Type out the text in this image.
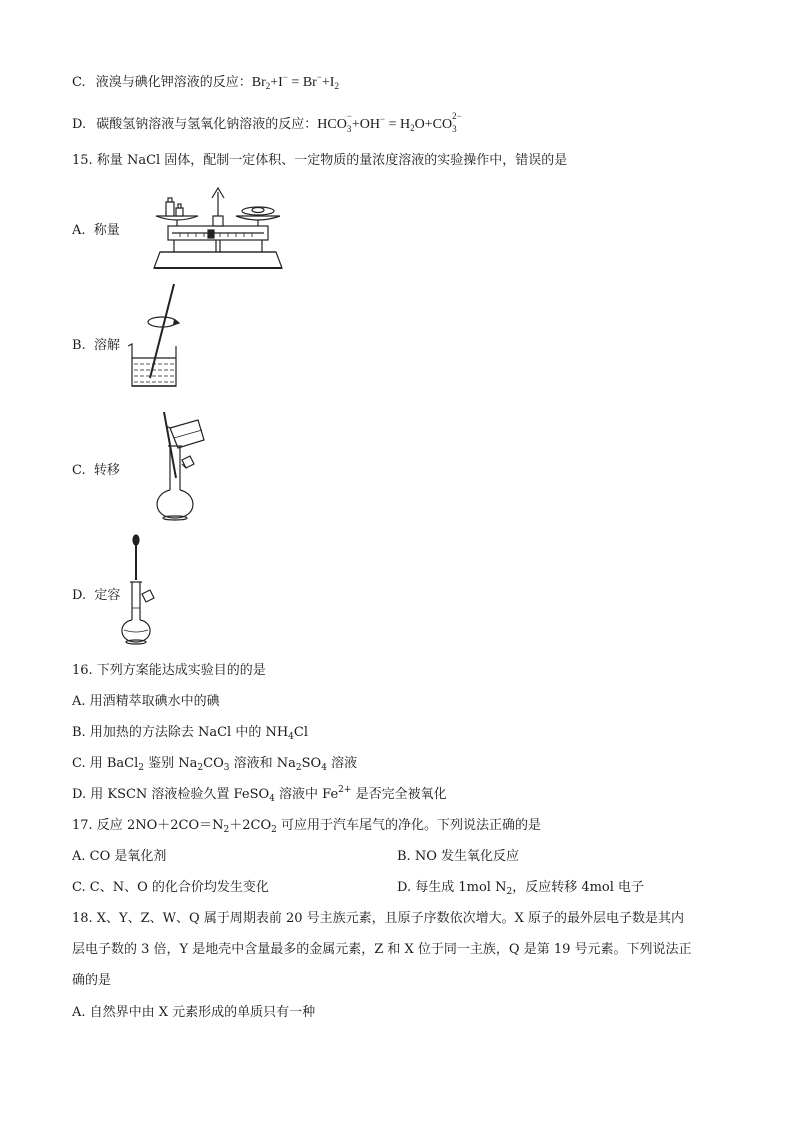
C. 液溴与碘化钾溶液的反应：$Br_2+I^- = Br^-+I_2$
D. 碳酸氢钠溶液与氢氧化钠溶液的反应：HCO
−
$3 +OH^- = H_2O+CO$
2−
3
15. 称量 NaCl 固体，配制一定体积、一定物质的量浓度溶液的实验操作中，错误的是
A. 称量
B. 溶解
C. 转移
D. 定容
16. 下列方案能达成实验目的的是
A. 用酒精萃取碘水中的碘
B. 用加热的方法除去 NaCl 中的 $NH_4Cl$
C. 用 BaCl$_2$ 鉴别 $Na_2CO_3$ 溶液和 $Na_2SO_4$ 溶液
D. 用 KSCN 溶液检验久置 FeSO$_4$ 溶液中 $Fe^{2+}$ 是否完全被氧化
17. 反应 $2NO+2CO=N_2+2CO_2$ 可应用于汽车尾气的净化。下列说法正确的是
A. CO 是氧化剂	B. NO 发生氧化反应
C. C、N、O 的化合价均发生变化	D. 每生成 1mol $N_2$，反应转移 4mol 电子
18. X、Y、Z、W、Q 属于周期表前 20 号主族元素，且原子序数依次增大。X 原子的最外层电子数是其内
层电子数的 3 倍，Y 是地壳中含量最多的金属元素，Z 和 X 位于同一主族，Q 是第 19 号元素。下列说法正
确的是
A. 自然界中由 X 元素形成的单质只有一种
